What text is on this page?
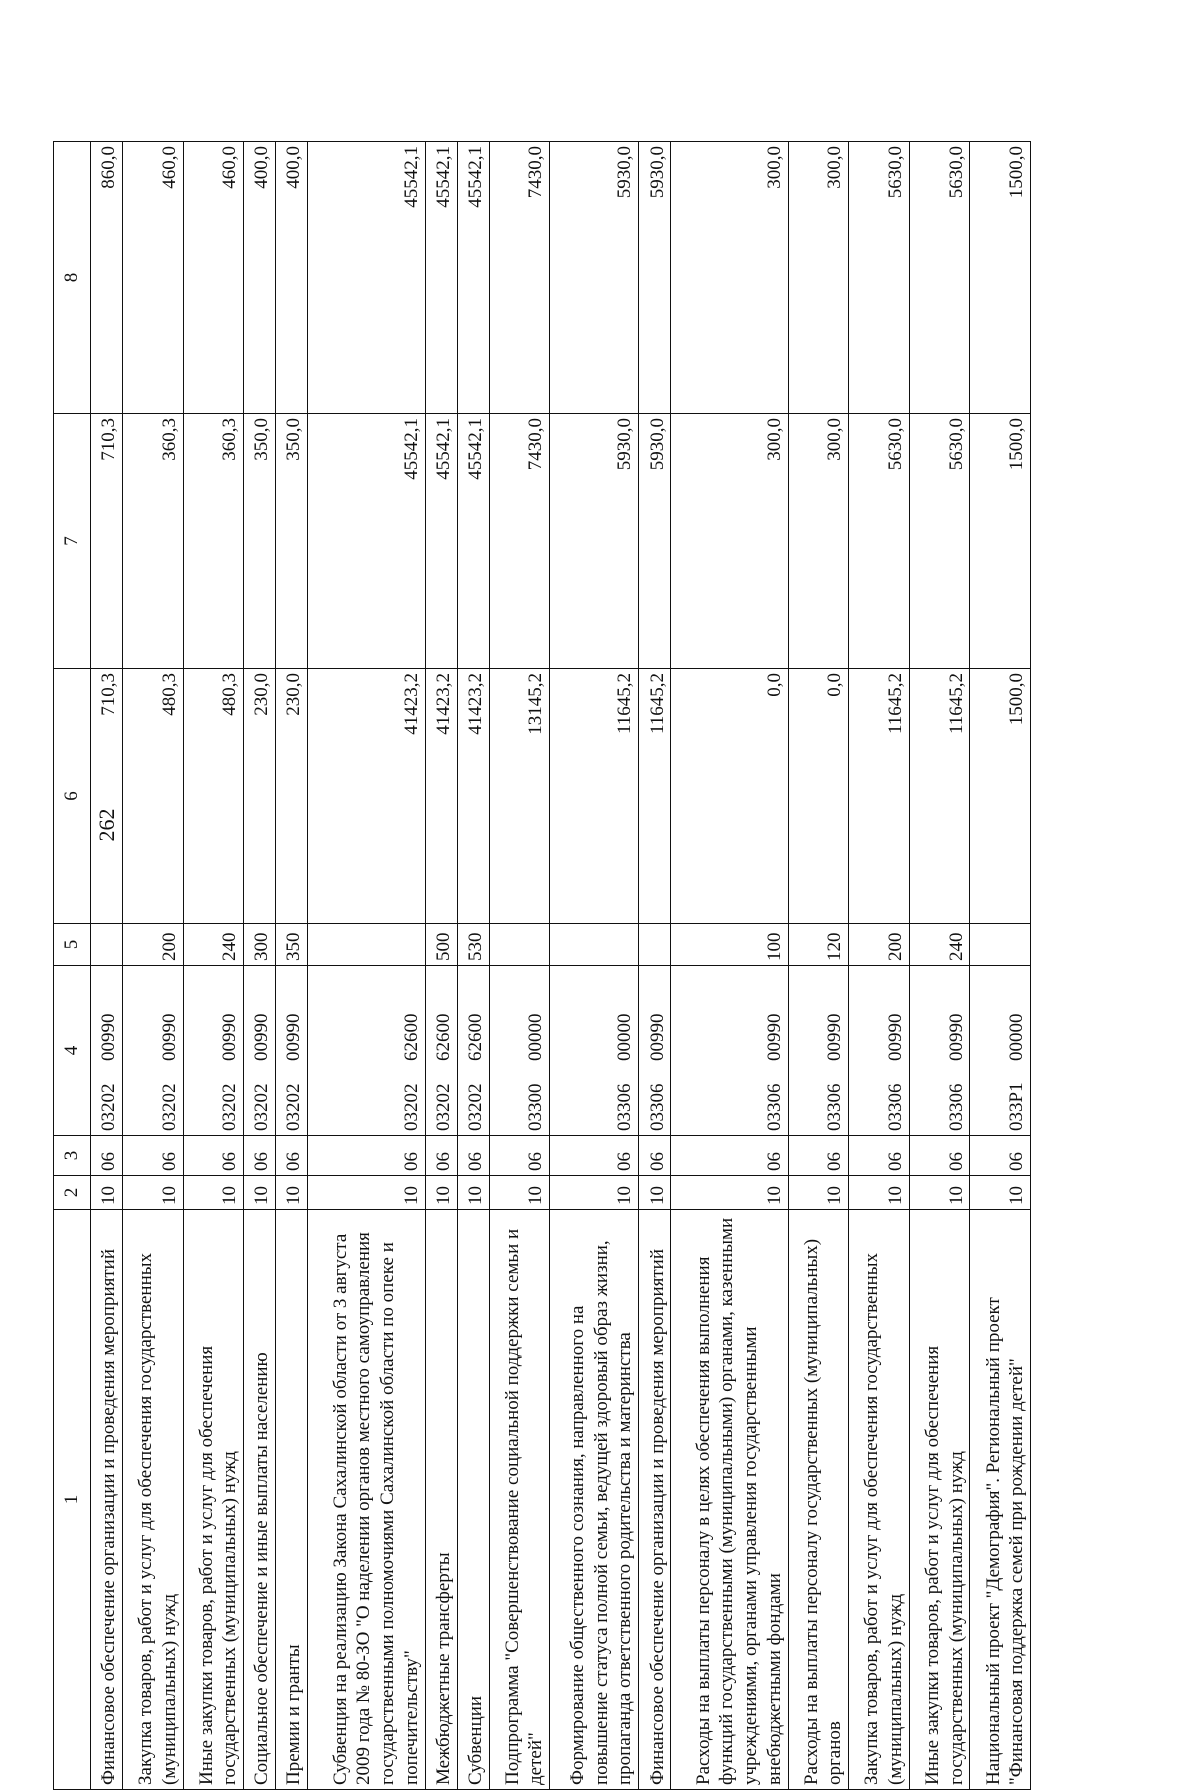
262
1	2	3	4	5	6	7	8
Финансовое обеспечение организации и проведения мероприятий	10	06	0320200990		710,3	710,3	860,0
Закупка товаров, работ и услуг для обеспечения государственных (муниципальных) нужд	10	06	0320200990	200	480,3	360,3	460,0
Иные закупки товаров, работ и услуг для обеспечения государственных (муниципальных) нужд	10	06	0320200990	240	480,3	360,3	460,0
Социальное обеспечение и иные выплаты населению	10	06	0320200990	300	230,0	350,0	400,0
Премии и гранты	10	06	0320200990	350	230,0	350,0	400,0
Субвенция на реализацию Закона Сахалинской области от 3 августа 2009 года № 80-ЗО "О наделении органов местного самоуправления государственными полномочиями Сахалинской области по опеке и попечительству"	10	06	0320262600		41423,2	45542,1	45542,1
Межбюджетные трансферты	10	06	0320262600	500	41423,2	45542,1	45542,1
Субвенции	10	06	0320262600	530	41423,2	45542,1	45542,1
Подпрограмма "Совершенствование социальной поддержки семьи и детей"	10	06	0330000000		13145,2	7430,0	7430,0
Формирование общественного сознания, направленного на повышение статуса полной семьи, ведущей здоровый образ жизни, пропаганда ответственного родительства и материнства	10	06	0330600000		11645,2	5930,0	5930,0
Финансовое обеспечение организации и проведения мероприятий	10	06	0330600990		11645,2	5930,0	5930,0
Расходы на выплаты персоналу в целях обеспечения выполнения функций государственными (муниципальными) органами, казенными учреждениями, органами управления государственными внебюджетными фондами	10	06	0330600990	100	0,0	300,0	300,0
Расходы на выплаты персоналу государственных (муниципальных) органов	10	06	0330600990	120	0,0	300,0	300,0
Закупка товаров, работ и услуг для обеспечения государственных (муниципальных) нужд	10	06	0330600990	200	11645,2	5630,0	5630,0
Иные закупки товаров, работ и услуг для обеспечения государственных (муниципальных) нужд	10	06	0330600990	240	11645,2	5630,0	5630,0
Национальный проект "Демография". Региональный проект "Финансовая поддержка семей при рождении детей"	10	06	033P100000		1500,0	1500,0	1500,0
